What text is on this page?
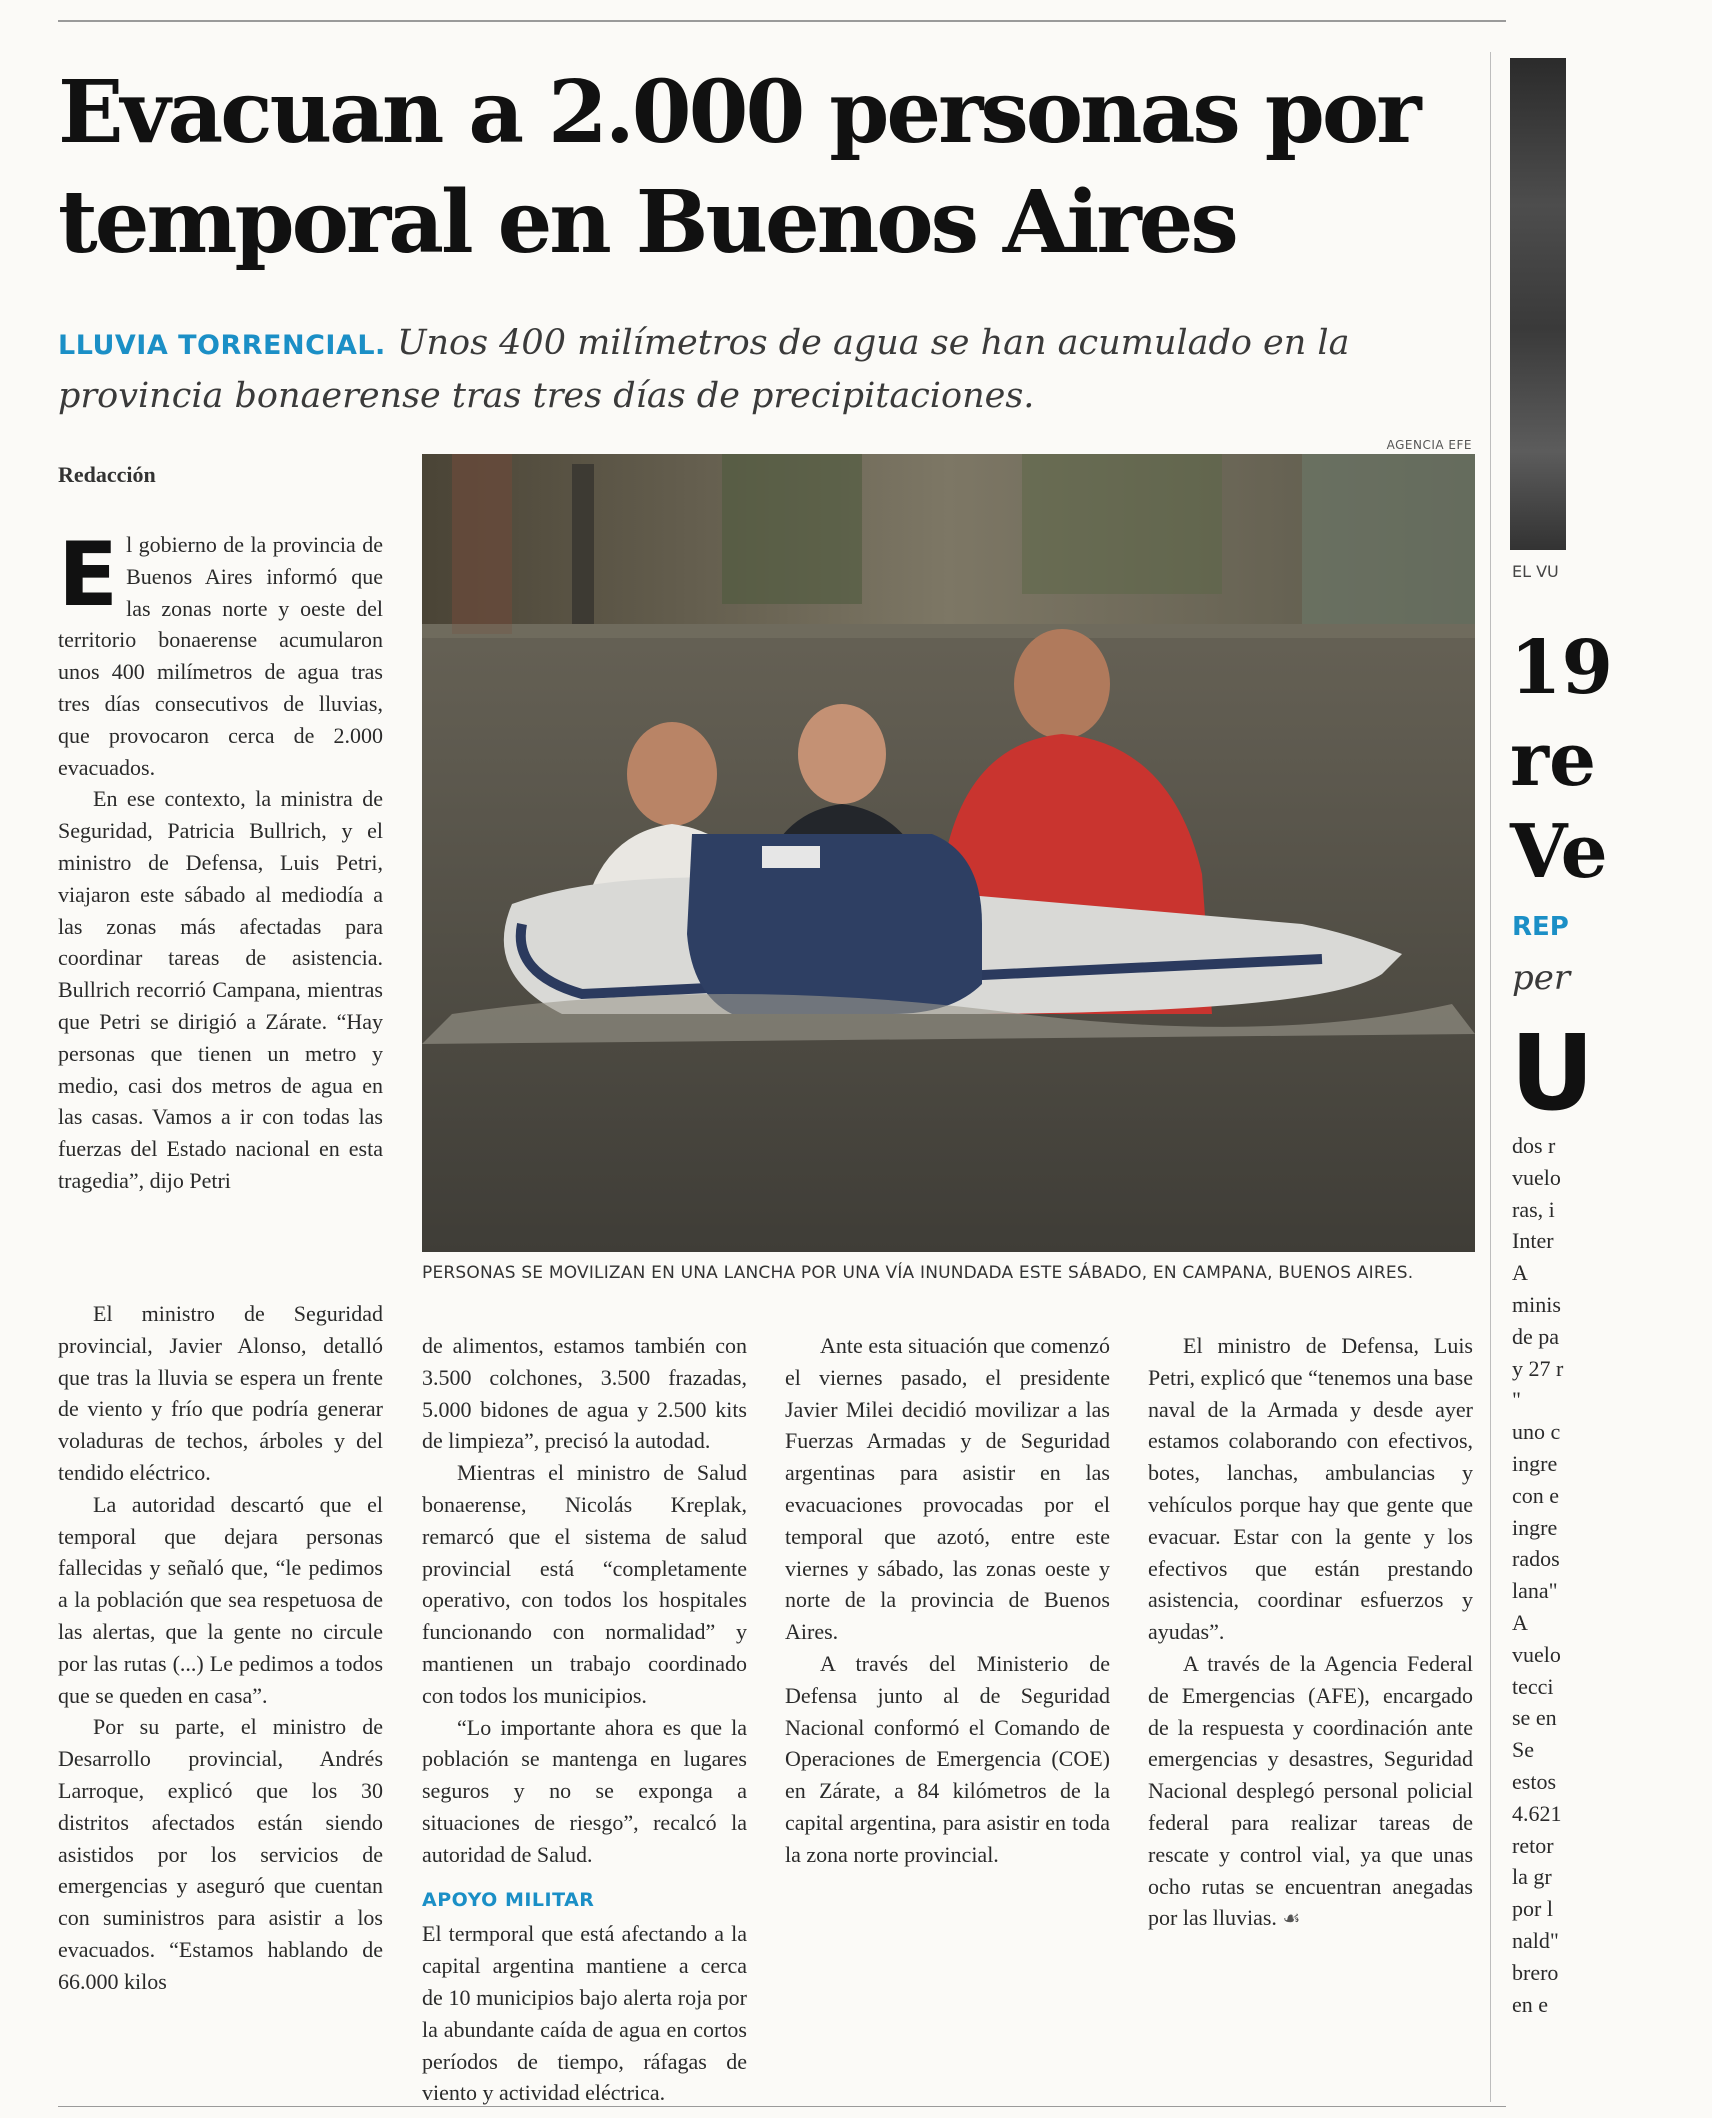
Evacuan a 2.000 personas por temporal en Buenos Aires

LLUVIA TORRENCIAL. Unos 400 milímetros de agua se han acumulado en la provincia bonaerense tras tres días de precipitaciones.

AGENCIA EFE

PERSONAS SE MOVILIZAN EN UNA LANCHA POR UNA VÍA INUNDADA ESTE SÁBADO, EN CAMPANA, BUENOS AIRES.

Redacción

El gobierno de la provincia de Buenos Aires informó que las zonas norte y oeste del territorio bonaerense acumularon unos 400 milímetros de agua tras tres días consecutivos de lluvias, que provocaron cerca de 2.000 evacuados.

En ese contexto, la ministra de Seguridad, Patricia Bullrich, y el ministro de Defensa, Luis Petri, viajaron este sábado al mediodía a las zonas más afectadas para coordinar tareas de asistencia. Bullrich recorrió Campana, mientras que Petri se dirigió a Zárate. “Hay personas que tienen un metro y medio, casi dos metros de agua en las casas. Vamos a ir con todas las fuerzas del Estado nacional en esta tragedia”, dijo Petri

El ministro de Seguridad provincial, Javier Alonso, detalló que tras la lluvia se espera un frente de viento y frío que podría generar voladuras de techos, árboles y del tendido eléctrico.

La autoridad descartó que el temporal que dejara personas fallecidas y señaló que, “le pedimos a la población que sea respetuosa de las alertas, que la gente no circule por las rutas (...) Le pedimos a todos que se queden en casa”.

Por su parte, el ministro de Desarrollo provincial, Andrés Larroque, explicó que los 30 distritos afectados están siendo asistidos por los servicios de emergencias y aseguró que cuentan con suministros para asistir a los evacuados. “Estamos hablando de 66.000 kilos

de alimentos, estamos también con 3.500 colchones, 3.500 frazadas, 5.000 bidones de agua y 2.500 kits de limpieza”, precisó la autodad.

Mientras el ministro de Salud bonaerense, Nicolás Kreplak, remarcó que el sistema de salud provincial está “completamente operativo, con todos los hospitales funcionando con normalidad” y mantienen un trabajo coordinado con todos los municipios.

“Lo importante ahora es que la población se mantenga en lugares seguros y no se exponga a situaciones de riesgo”, recalcó la autoridad de Salud.

APOYO MILITAR

El termporal que está afectando a la capital argentina mantiene a cerca de 10 municipios bajo alerta roja por la abundante caída de agua en cortos períodos de tiempo, ráfagas de viento y actividad eléctrica.

Ante esta situación que comenzó el viernes pasado, el presidente Javier Milei decidió movilizar a las Fuerzas Armadas y de Seguridad argentinas para asistir en las evacuaciones provocadas por el temporal que azotó, entre este viernes y sábado, las zonas oeste y norte de la provincia de Buenos Aires.

A través del Ministerio de Defensa junto al de Seguridad Nacional conformó el Comando de Operaciones de Emergencia (COE) en Zárate, a 84 kilómetros de la capital argentina, para asistir en toda la zona norte provincial.

El ministro de Defensa, Luis Petri, explicó que “tenemos una base naval de la Armada y desde ayer estamos colaborando con efectivos, botes, lanchas, ambulancias y vehículos porque hay que gente que evacuar. Estar con la gente y los efectivos que están prestando asistencia, coordinar esfuerzos y ayudas”.

A través de la Agencia Federal de Emergencias (AFE), encargado de la respuesta y coordinación ante emergencias y desastres, Seguridad Nacional desplegó personal policial federal para realizar tareas de rescate y control vial, ya que unas ocho rutas se encuentran anegadas por las lluvias. ☙

EL VU
19
re
Ve
REP
per
U
dos r
vuelo
ras, i
Inter
A
minis
de pa
y 27 r
"
uno c
ingre
con e
ingre
rados
lana"
A
vuelo
tecci
se en
Se
estos
4.621
retor
la gr
por l
nald"
brero
en e
